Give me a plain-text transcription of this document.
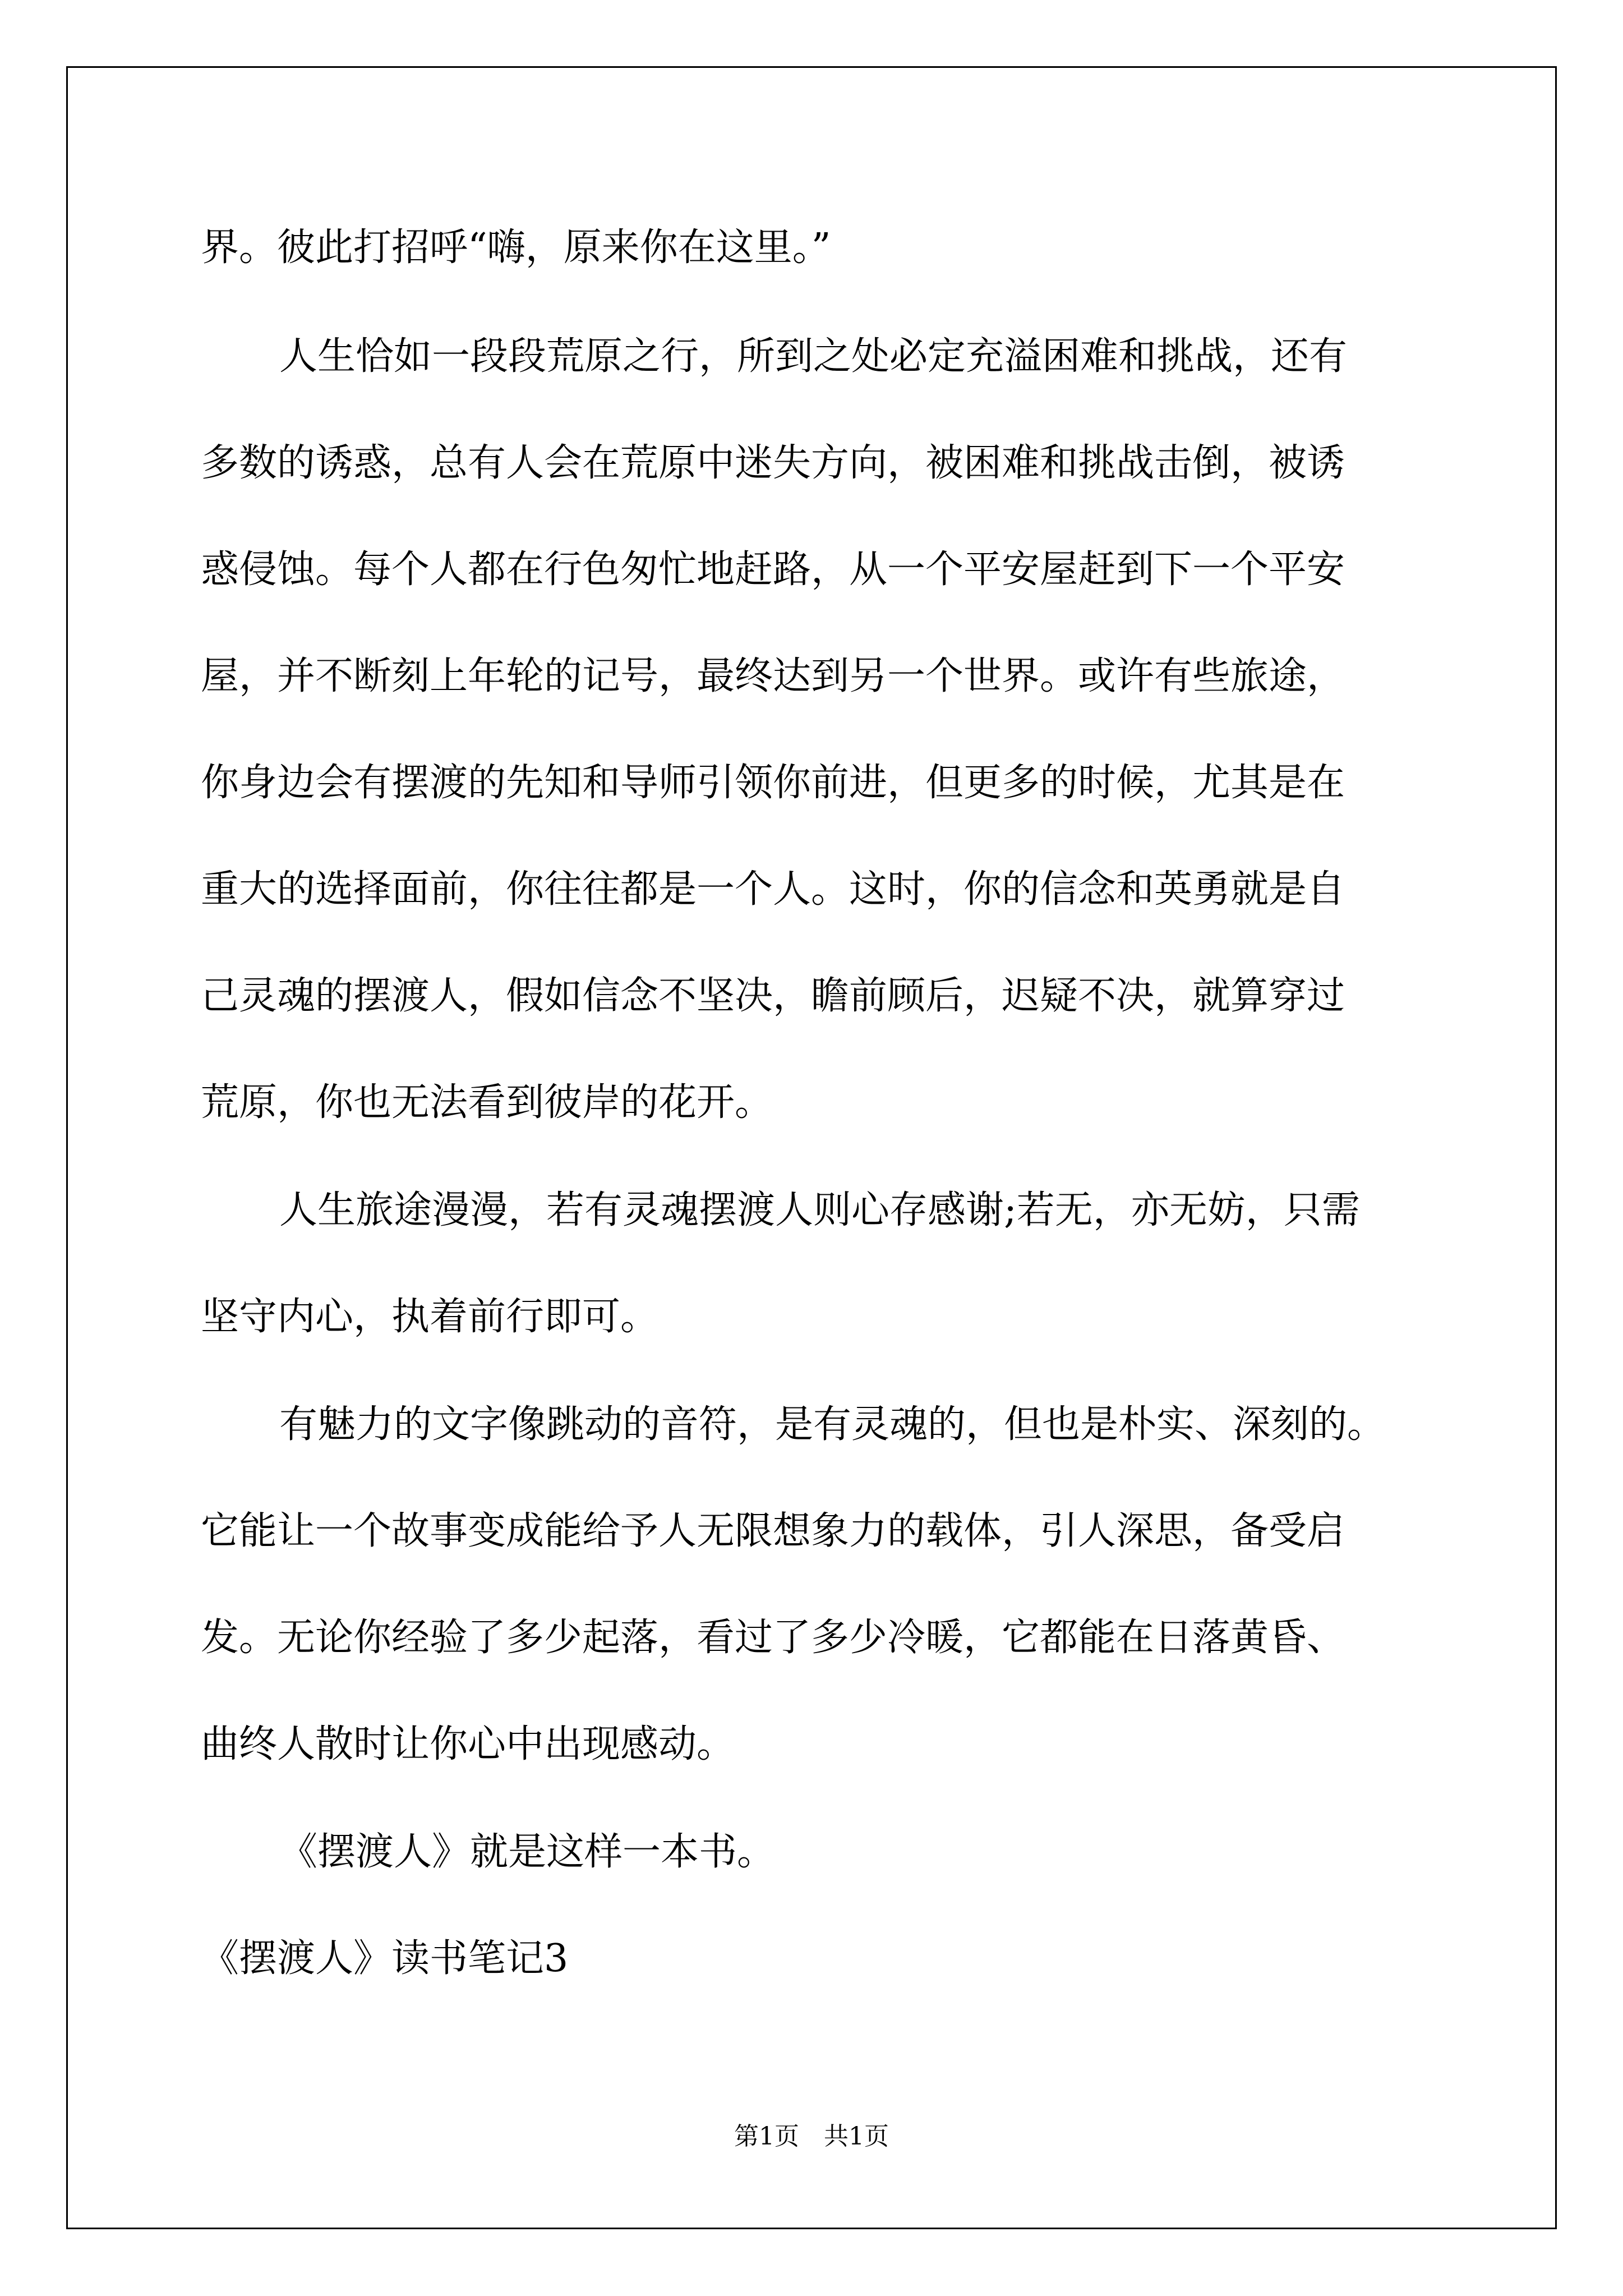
界。彼此打招呼“嗨，原来你在这里。”
人生恰如一段段荒原之行，所到之处必定充溢困难和挑战，还有
多数的诱惑，总有人会在荒原中迷失方向，被困难和挑战击倒，被诱
惑侵蚀。每个人都在行色匆忙地赶路，从一个平安屋赶到下一个平安
屋，并不断刻上年轮的记号，最终达到另一个世界。或许有些旅途，
你身边会有摆渡的先知和导师引领你前进，但更多的时候，尤其是在
重大的选择面前，你往往都是一个人。这时，你的信念和英勇就是自
己灵魂的摆渡人，假如信念不坚决，瞻前顾后，迟疑不决，就算穿过
荒原，你也无法看到彼岸的花开。
人生旅途漫漫，若有灵魂摆渡人则心存感谢;若无，亦无妨，只需
坚守内心，执着前行即可。
有魅力的文字像跳动的音符，是有灵魂的，但也是朴实、深刻的。
它能让一个故事变成能给予人无限想象力的载体，引人深思，备受启
发。无论你经验了多少起落，看过了多少冷暖，它都能在日落黄昏、
曲终人散时让你心中出现感动。
《摆渡人》就是这样一本书。
《摆渡人》读书笔记3
第1页　共1页
